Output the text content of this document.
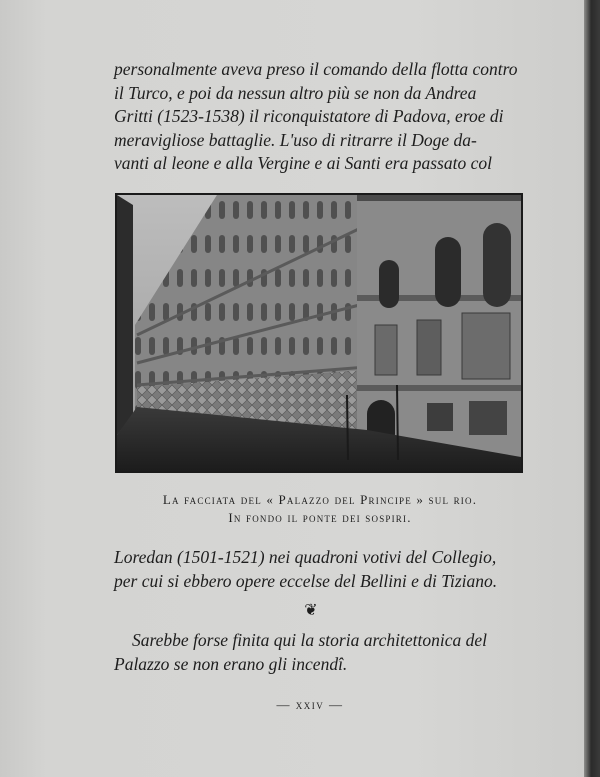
personalmente aveva preso il comando della flotta contro
il Turco, e poi da nessun altro più se non da Andrea
Gritti (1523-1538) il riconquistatore di Padova, eroe di
meravigliose battaglie. L'uso di ritrarre il Doge da-
vanti al leone e alla Vergine e ai Santi era passato col
La facciata del « Palazzo del Principe » sul rio.
In fondo il ponte dei sospiri.
Loredan (1501-1521) nei quadroni votivi del Collegio,
per cui si ebbero opere eccelse del Bellini e di Tiziano.
❦
Sarebbe forse finita qui la storia architettonica del
Palazzo se non erano gli incendî.
— xxiv —
